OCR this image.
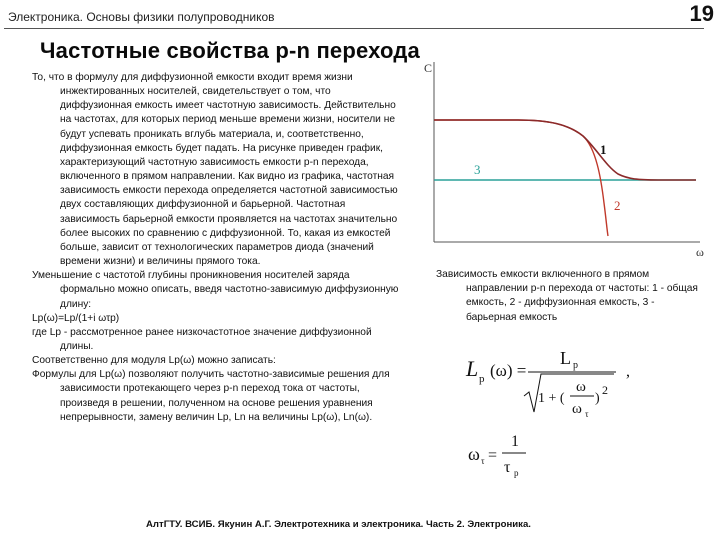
Электроника. Основы физики полупроводников	19
Частотные свойства p-n перехода

То, что в формулу для диффузионной емкости входит время жизни инжектированных носителей, свидетельствует о том, что диффузионная емкость имеет частотную зависимость. Действительно на частотах, для которых период меньше времени жизни, носители не будут успевать проникать вглубь материала, и, соответственно, диффузионная емкость будет падать. На рисунке приведен график, характеризующий частотную зависимость емкости p-n перехода, включенного в прямом направлении. Как видно из графика, частотная зависимость емкости перехода определяется частотной зависимостью двух составляющих диффузионной и барьерной. Частотная зависимость барьерной емкости проявляется на частотах значительно более высоких по сравнению с диффузионной. То, какая из емкостей больше, зависит от технологических параметров диода (значений времени жизни) и величины прямого тока.

Уменьшение с частотой глубины проникновения носителей заряда формально можно описать, введя частотно-зависимую диффузионную длину:

Lp(ω)=Lp/(1+i ωτp)

где Lp - рассмотренное ранее низкочастотное значение диффузионной длины.

Соответственно для модуля Lp(ω) можно записать:

Формулы для Lp(ω) позволяют получить частотно-зависимые решения для зависимости протекающего через p-n переход тока от частоты, произведя в решении, полученном на основе решения уравнения непрерывности, замену величин Lp, Ln на величины Lp(ω), Ln(ω).

C
ω
1
2
3

Зависимость емкости включенного в прямом направлении p-n перехода от частоты: 1 - общая емкость, 2 - диффузионная емкость, 3 - барьерная емкость

L p (ω) =
L p
1 + (
ω
ω τ
)
2
,
ω τ =
1
τ p
АлтГТУ. ВСИБ. Якунин А.Г. Электротехника и электроника. Часть 2. Электроника.
